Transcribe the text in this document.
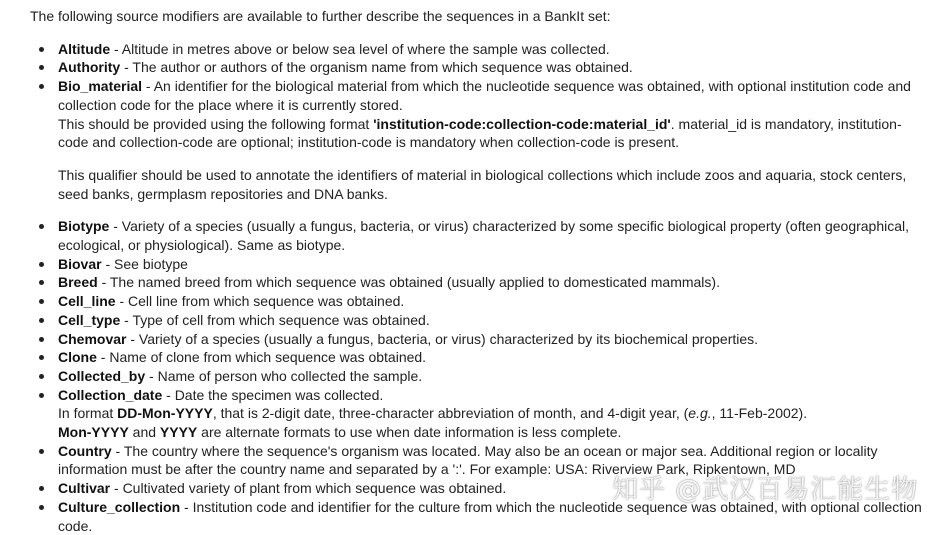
The following source modifiers are available to further describe the sequences in a BankIt set:

Altitude - Altitude in metres above or below sea level of where the sample was collected.
Authority - The author or authors of the organism name from which sequence was obtained.
Bio_material - An identifier for the biological material from which the nucleotide sequence was obtained, with optional institution code and collection code for the place where it is currently stored.
This should be provided using the following format 'institution-code:collection-code:material_id'. material_id is mandatory, institution-code and collection-code are optional; institution-code is mandatory when collection-code is present.
This qualifier should be used to annotate the identifiers of material in biological collections which include zoos and aquaria, stock centers, seed banks, germplasm repositories and DNA banks.
Biotype - Variety of a species (usually a fungus, bacteria, or virus) characterized by some specific biological property (often geographical, ecological, or physiological). Same as biotype.
Biovar - See biotype
Breed - The named breed from which sequence was obtained (usually applied to domesticated mammals).
Cell_line - Cell line from which sequence was obtained.
Cell_type - Type of cell from which sequence was obtained.
Chemovar - Variety of a species (usually a fungus, bacteria, or virus) characterized by its biochemical properties.
Clone - Name of clone from which sequence was obtained.
Collected_by - Name of person who collected the sample.
Collection_date - Date the specimen was collected.
In format DD-Mon-YYYY, that is 2-digit date, three-character abbreviation of month, and 4-digit year, (e.g., 11-Feb-2002).
Mon-YYYY and YYYY are alternate formats to use when date information is less complete.
Country - The country where the sequence's organism was located. May also be an ocean or major sea. Additional region or locality information must be after the country name and separated by a ':'. For example: USA: Riverview Park, Ripkentown, MD
Cultivar - Cultivated variety of plant from which sequence was obtained.
Culture_collection - Institution code and identifier for the culture from which the nucleotide sequence was obtained, with optional collection code.
知乎 @武汉百易汇能生物
